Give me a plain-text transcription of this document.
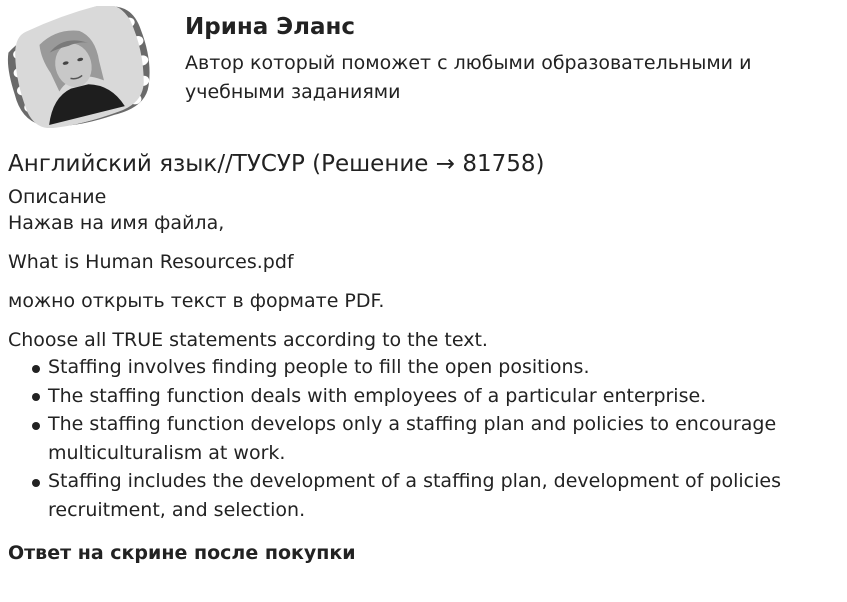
Ирина Эланс
Автор который поможет с любыми образовательными и учебными заданиями
Английский язык//ТУСУР (Решение → 81758)

Описание

Нажав на имя файла,

What is Human Resources.pdf

можно открыть текст в формате PDF.

Choose all TRUE statements according to the text.

Staffing involves finding people to fill the open positions.
The staffing function deals with employees of a particular enterprise.
The staffing function develops only a staffing plan and policies to encourage multiculturalism at work.
Staffing includes the development of a staffing plan, development of policies recruitment, and selection.
Ответ на скрине после покупки
